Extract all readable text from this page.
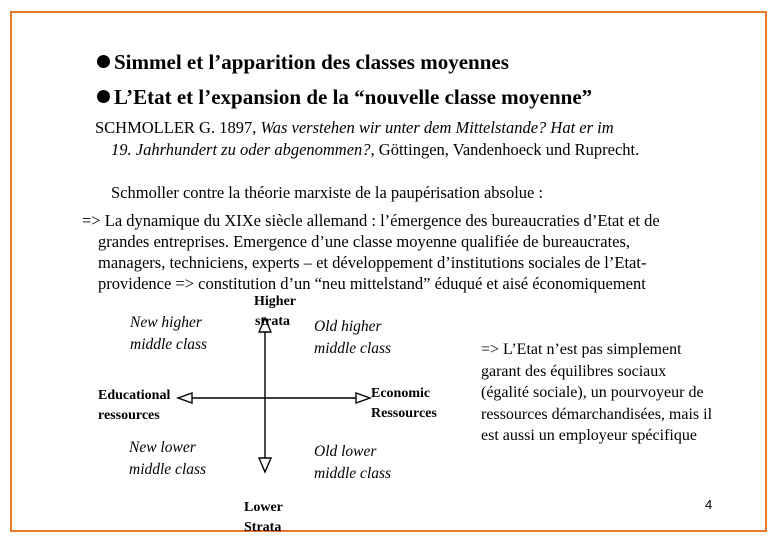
Simmel et l’apparition des classes moyennes
L’Etat et l’expansion de la “nouvelle classe moyenne”
SCHMOLLER G. 1897, Was verstehen wir unter dem Mittelstande? Hat er im
19. Jahrhundert zu oder abgenommen?, Göttingen, Vandenhoeck und Ruprecht.
Schmoller contre la théorie marxiste de la paupérisation absolue :
=> La dynamique du XIXe siècle allemand : l’émergence des bureaucraties d’Etat et de
grandes entreprises. Emergence d’une classe moyenne qualifiée de bureaucrates,
managers, techniciens, experts – et développement d’institutions sociales de l’Etat-
providence => constitution d’un “neu mittelstand” éduqué et aisé économiquement
Higher
strata
Lower
Strata
Educational
ressources
Economic
Ressources
New higher
middle class
Old higher
middle class
New lower
middle class
Old lower
middle class
=> L’Etat n’est pas simplement
garant des équilibres sociaux
(égalité sociale), un pourvoyeur de
ressources démarchandisées, mais il
est aussi un employeur spécifique
4
